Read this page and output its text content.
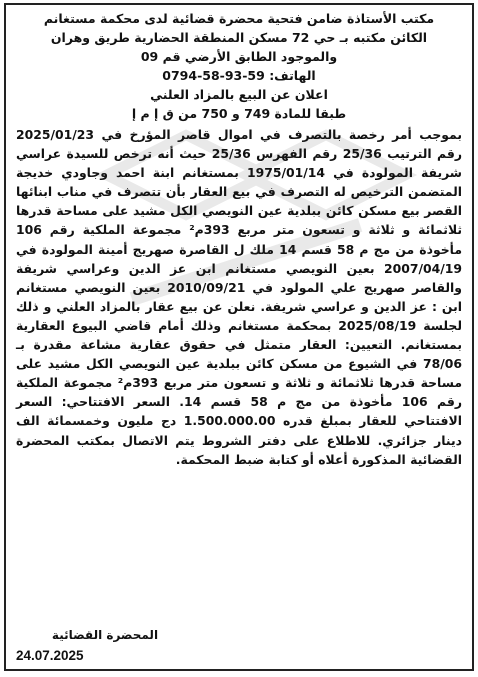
مكتب الأستاذة ضامن فتحية محضرة قضائية لدى محكمة مستغانم
الكائن مكتبه بـ حي 72 مسكن المنطقة الحضارية طريق وهران
والموجود الطابق الأرضي قم 09
الهاتف: 0794-58-93-59
اعلان عن البيع بالمزاد العلني
طبقا للمادة 749 و 750 من ق إ م إ

بموجب أمر رخصة بالتصرف في اموال قاصر المؤرخ في 2025/01/23 رقم الترتيب 25/36 رقم الفهرس 25/36 حيث أنه ترخص للسيدة عراسي شريفة المولودة في 1975/01/14 بمستغانم ابنة احمد وجاودي خديجة المتضمن الترخيص له التصرف في بيع العقار بأن تتصرف في مناب ابنائها القصر بيع مسكن كائن ببلدية عين النويصي الكل مشيد على مساحة قدرها ثلاثمائة و ثلاثة و تسعون متر مربع 393م² مجموعة الملكية رقم 106 مأخوذة من مج م 58 قسم 14 ملك ل القاصرة صهريج أمينة المولودة في 2007/04/19 بعين النويصي مستغانم ابن عز الدين وعراسي شريفة والقاصر صهريج علي المولود في 2010/09/21 بعين النويصي مستغانم ابن : عز الدين و عراسي شريفة. نعلن عن بيع عقار بالمزاد العلني و ذلك لجلسة 2025/08/19 بمحكمة مستغانم وذلك أمام قاضي البيوع العقارية بمستغانم. التعيين: العقار متمثل في حقوق عقارية مشاعة مقدرة بـ 78/06 في الشيوع من مسكن كائن ببلدية عين النويصي الكل مشيد على مساحة قدرها ثلاثمائة و ثلاثة و تسعون متر مربع 393م² مجموعة الملكية رقم 106 مأخوذة من مج م 58 قسم 14. السعر الافتتاحي: السعر الافتتاحي للعقار بمبلغ قدره 1.500.000.00 دج مليون وخمسمائة الف دينار جزائري. للاطلاع على دفتر الشروط يتم الاتصال بمكتب المحضرة القضائية المذكورة أعلاه أو كتابة ضبط المحكمة.

المحضرة القضائية
24.07.2025
